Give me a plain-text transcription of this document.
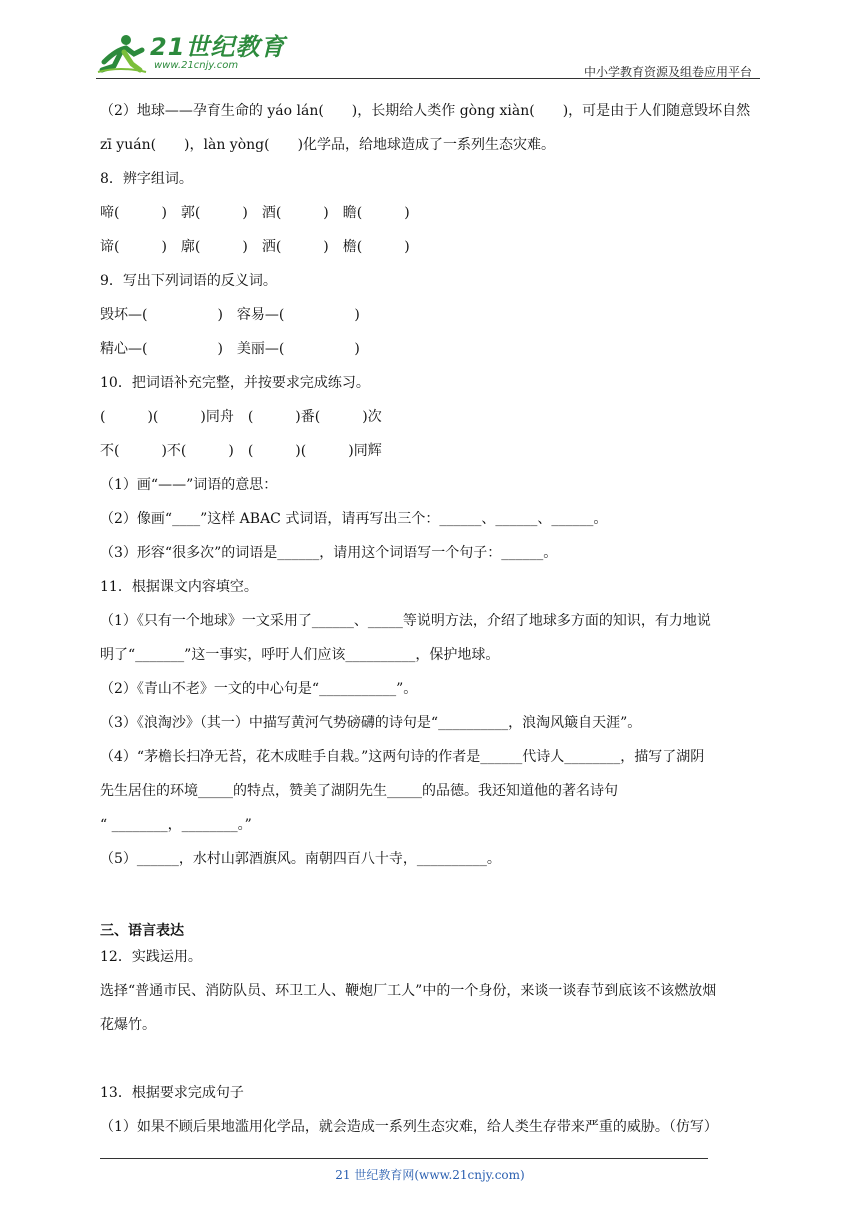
21世纪教育
www.21cnjy.com	中小学教育资源及组卷应用平台
（2）地球——孕育生命的 yáo lán(　　)，长期给人类作 gòng xiàn(　　)，可是由于人们随意毁坏自然
zī yuán(　　)，làn yòng(　　)化学品，给地球造成了一系列生态灾难。
8．辨字组词。
啼(　　　)　郭(　　　)　酒(　　　)　瞻(　　　)
谛(　　　)　廓(　　　)　洒(　　　)　檐(　　　)
9．写出下列词语的反义词。
毁坏—(　　　　　)　容易—(　　　　　)
精心—(　　　　　)　美丽—(　　　　　)
10．把词语补充完整，并按要求完成练习。
(　　　)(　　　)同舟　(　　　)番(　　　)次
不(　　　)不(　　　)　(　　　)(　　　)同辉
（1）画“——”词语的意思：
（2）像画“____”这样 ABAC 式词语，请再写出三个：______、______、______。
（3）形容“很多次”的词语是______，请用这个词语写一个句子：______。
11．根据课文内容填空。
（1）《只有一个地球》一文采用了______、_____等说明方法，介绍了地球多方面的知识，有力地说
明了“_______”这一事实，呼吁人们应该__________，保护地球。
（2）《青山不老》一文的中心句是“___________”。
（3）《浪淘沙》（其一）中描写黄河气势磅礴的诗句是“__________，浪淘风簸自天涯”。
（4）“茅檐长扫净无苔，花木成畦手自栽。”这两句诗的作者是______代诗人________，描写了湖阴
先生居住的环境_____的特点，赞美了湖阴先生_____的品德。我还知道他的著名诗句
“ ________，________。”
（5）______，水村山郭酒旗风。南朝四百八十寺，__________。
三、语言表达
12．实践运用。
选择“普通市民、消防队员、环卫工人、鞭炮厂工人”中的一个身份，来谈一谈春节到底该不该燃放烟
花爆竹。
13．根据要求完成句子
（1）如果不顾后果地滥用化学品，就会造成一系列生态灾难，给人类生存带来严重的威胁。（仿写）
21 世纪教育网(www.21cnjy.com)
